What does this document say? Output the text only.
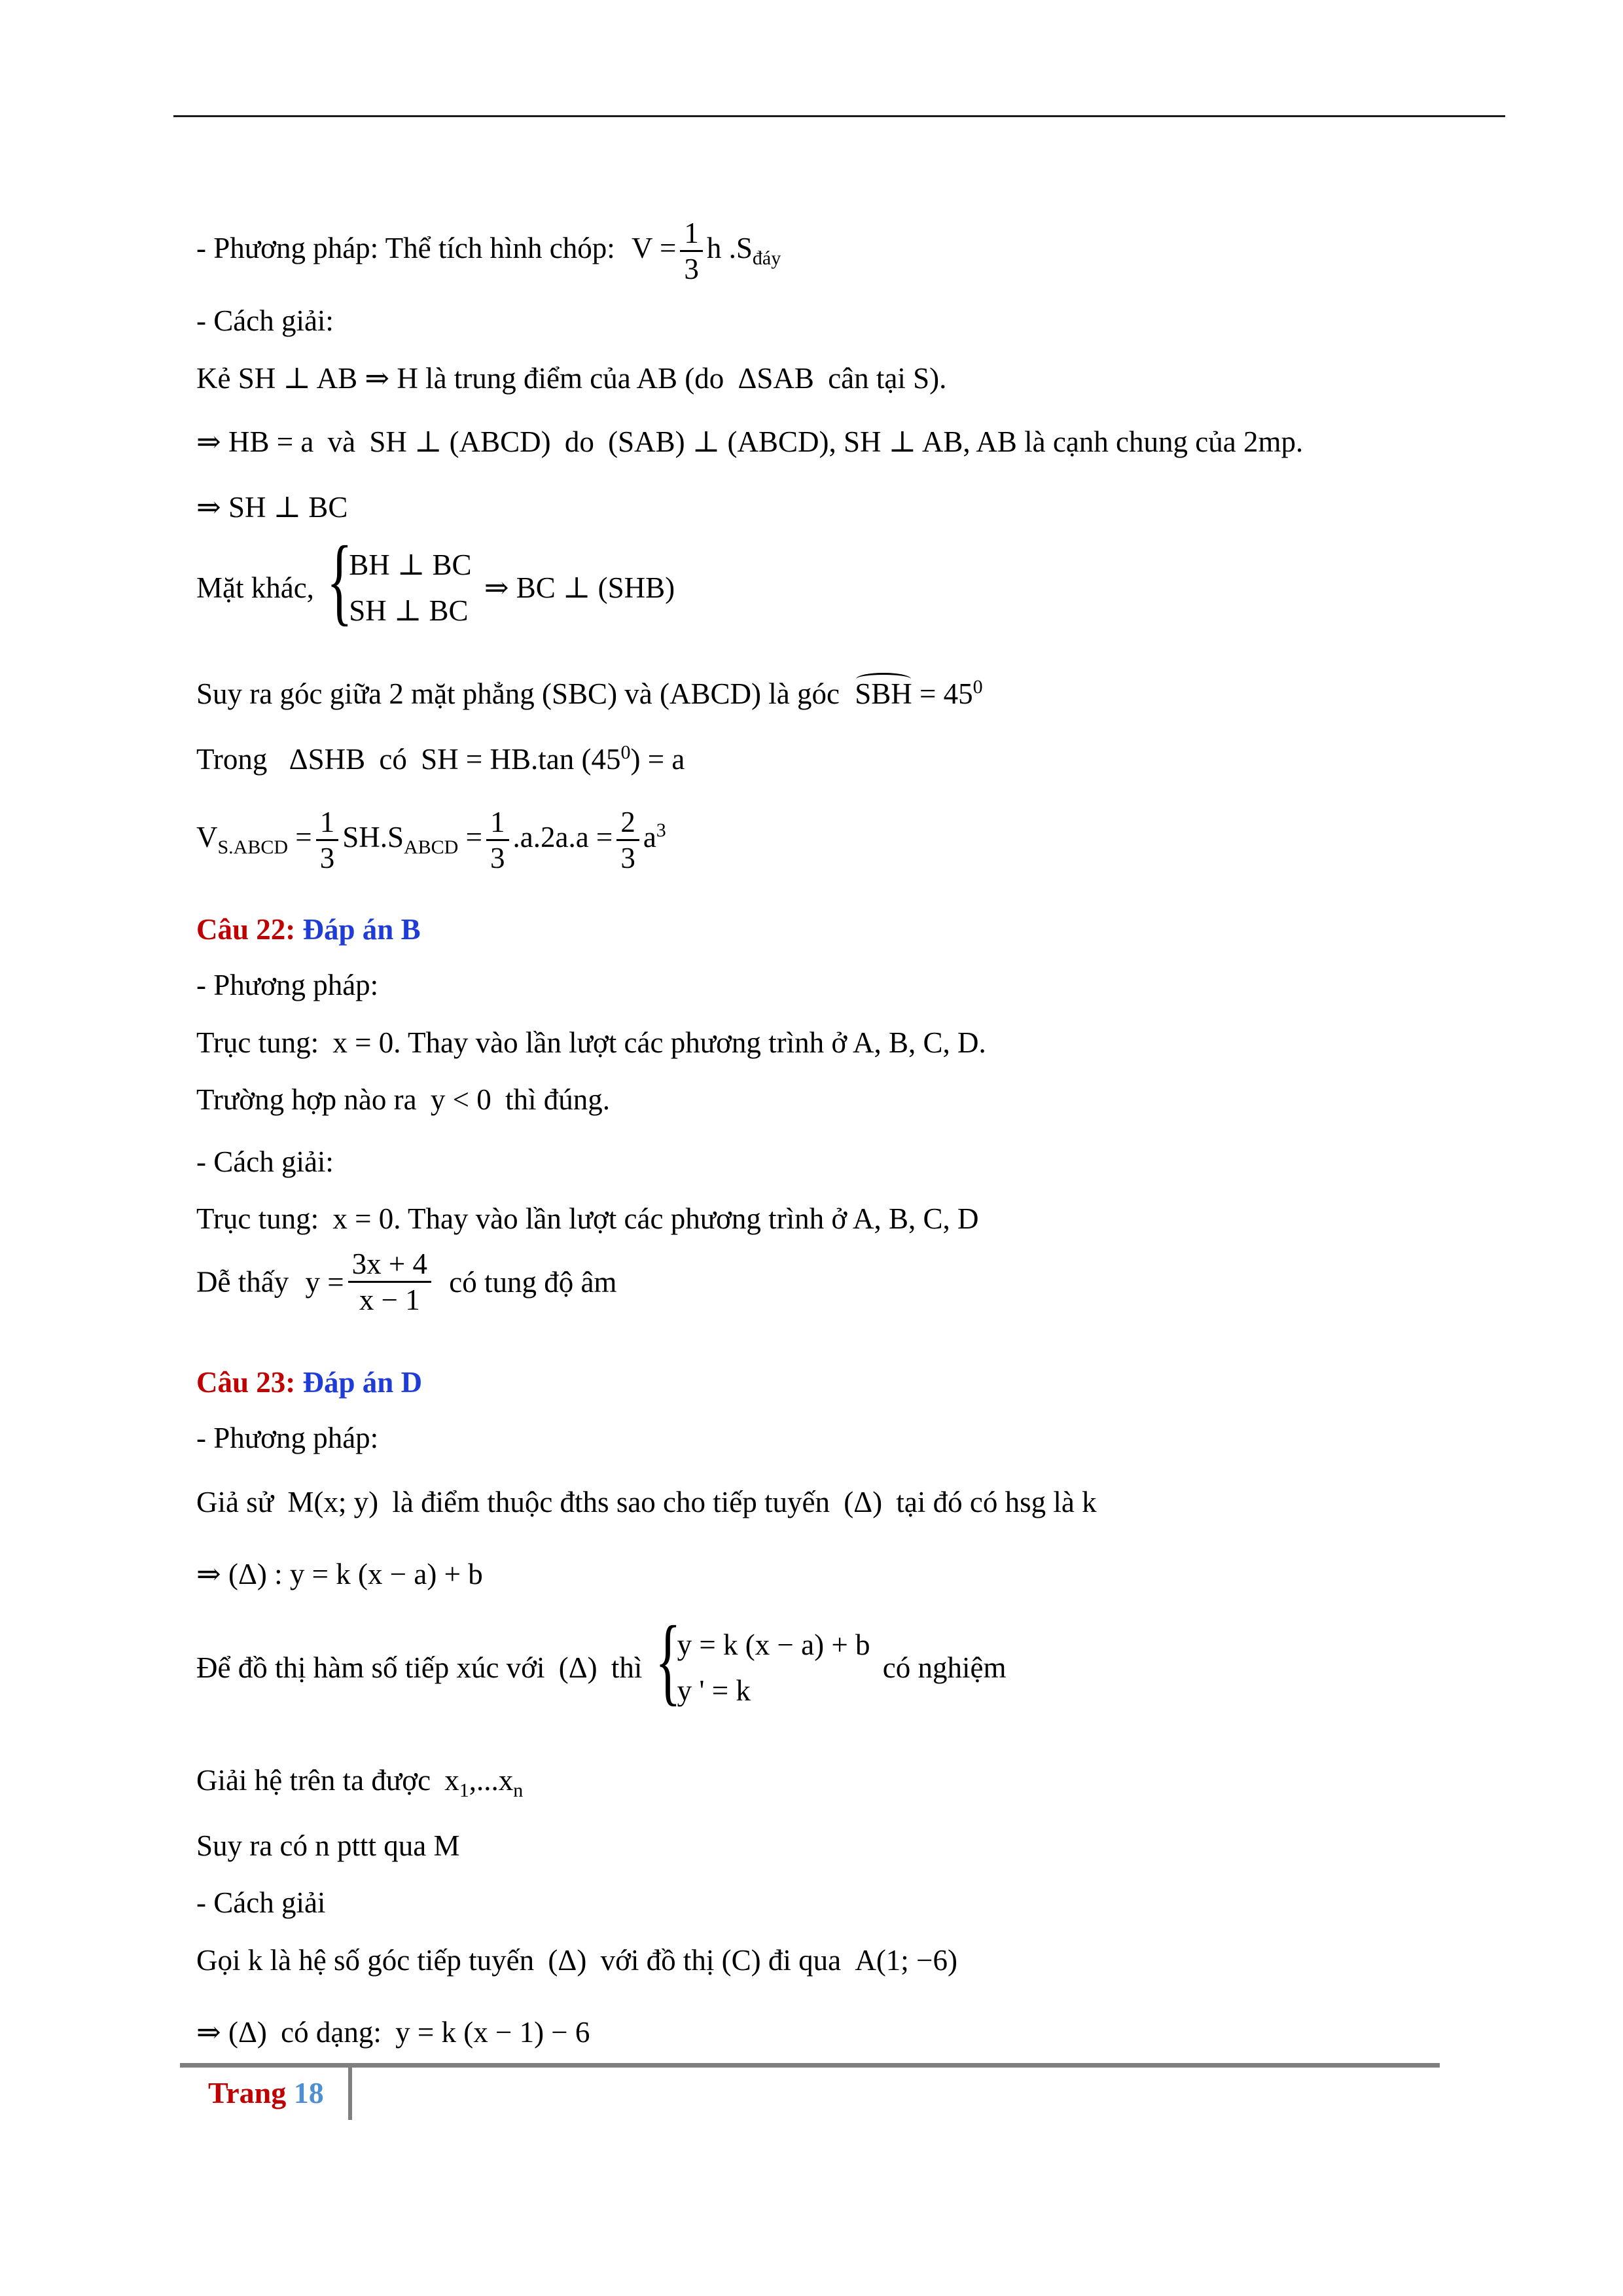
- Phương pháp: Thể tích hình chóp: $V = \frac{1}{3}$ h $.S_{đáy}$
- Cách giải:
Kẻ SH ⊥ AB ⇒ H là trung điểm của AB (do ΔSAB cân tại S).
⇒ HB = a và SH ⊥ (ABCD) do (SAB) ⊥ (ABCD), SH ⊥ AB, AB là cạnh chung của 2mp.
⇒ SH ⊥ BC
Mặt khác, {
BH ⊥ BC
SH ⊥ BC
⇒ BC ⊥ (SHB)
Suy ra góc giữa 2 mặt phẳng (SBC) và (ABCD) là góc SBH = $45^0$
Trong ΔSHB có SH = HB.tan $(45^0) = a$
$V_{S.ABCD} = \frac{1}{3} SH.S_{ABCD} = \frac{1}{3} .a.2a.a = \frac{2}{3} a^3$
Câu 22: Đáp án B
- Phương pháp:
Trục tung: x = 0. Thay vào lần lượt các phương trình ở A, B, C, D.
Trường hợp nào ra y < 0 thì đúng.
- Cách giải:
Trục tung: x = 0. Thay vào lần lượt các phương trình ở A, B, C, D
Dễ thấy $y = \frac{3x + 4}{x - 1}$ có tung độ âm
Câu 23: Đáp án D
- Phương pháp:
Giả sử M(x; y) là điểm thuộc đths sao cho tiếp tuyến (Δ) tại đó có hsg là k
⇒ (Δ) : y = k (x − a) + b
Để đồ thị hàm số tiếp xúc với (Δ) thì {
y = k (x − a) + b
y ' = k
có nghiệm
Giải hệ trên ta được $x_1,...x_n$
Suy ra có n pttt qua M
- Cách giải
Gọi k là hệ số góc tiếp tuyến (Δ) với đồ thị (C) đi qua A(1; −6)
⇒ (Δ) có dạng: y = k (x − 1) − 6
Trang 18
